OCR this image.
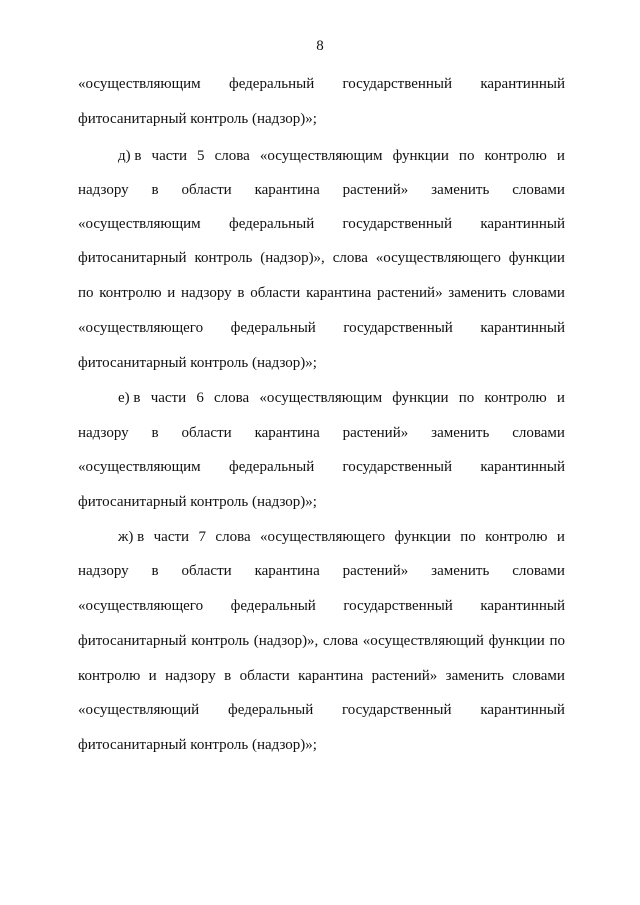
8
«осуществляющим федеральный государственный карантинный
фитосанитарный контроль (надзор)»;
д) в части 5 слова «осуществляющим функции по контролю и
надзору в области карантина растений» заменить словами
«осуществляющим федеральный государственный карантинный
фитосанитарный контроль (надзор)», слова «осуществляющего функции
по контролю и надзору в области карантина растений» заменить словами
«осуществляющего федеральный государственный карантинный
фитосанитарный контроль (надзор)»;
е) в части 6 слова «осуществляющим функции по контролю и
надзору в области карантина растений» заменить словами
«осуществляющим федеральный государственный карантинный
фитосанитарный контроль (надзор)»;
ж) в части 7 слова «осуществляющего функции по контролю и
надзору в области карантина растений» заменить словами
«осуществляющего федеральный государственный карантинный
фитосанитарный контроль (надзор)», слова «осуществляющий функции по
контролю и надзору в области карантина растений» заменить словами
«осуществляющий федеральный государственный карантинный
фитосанитарный контроль (надзор)»;
